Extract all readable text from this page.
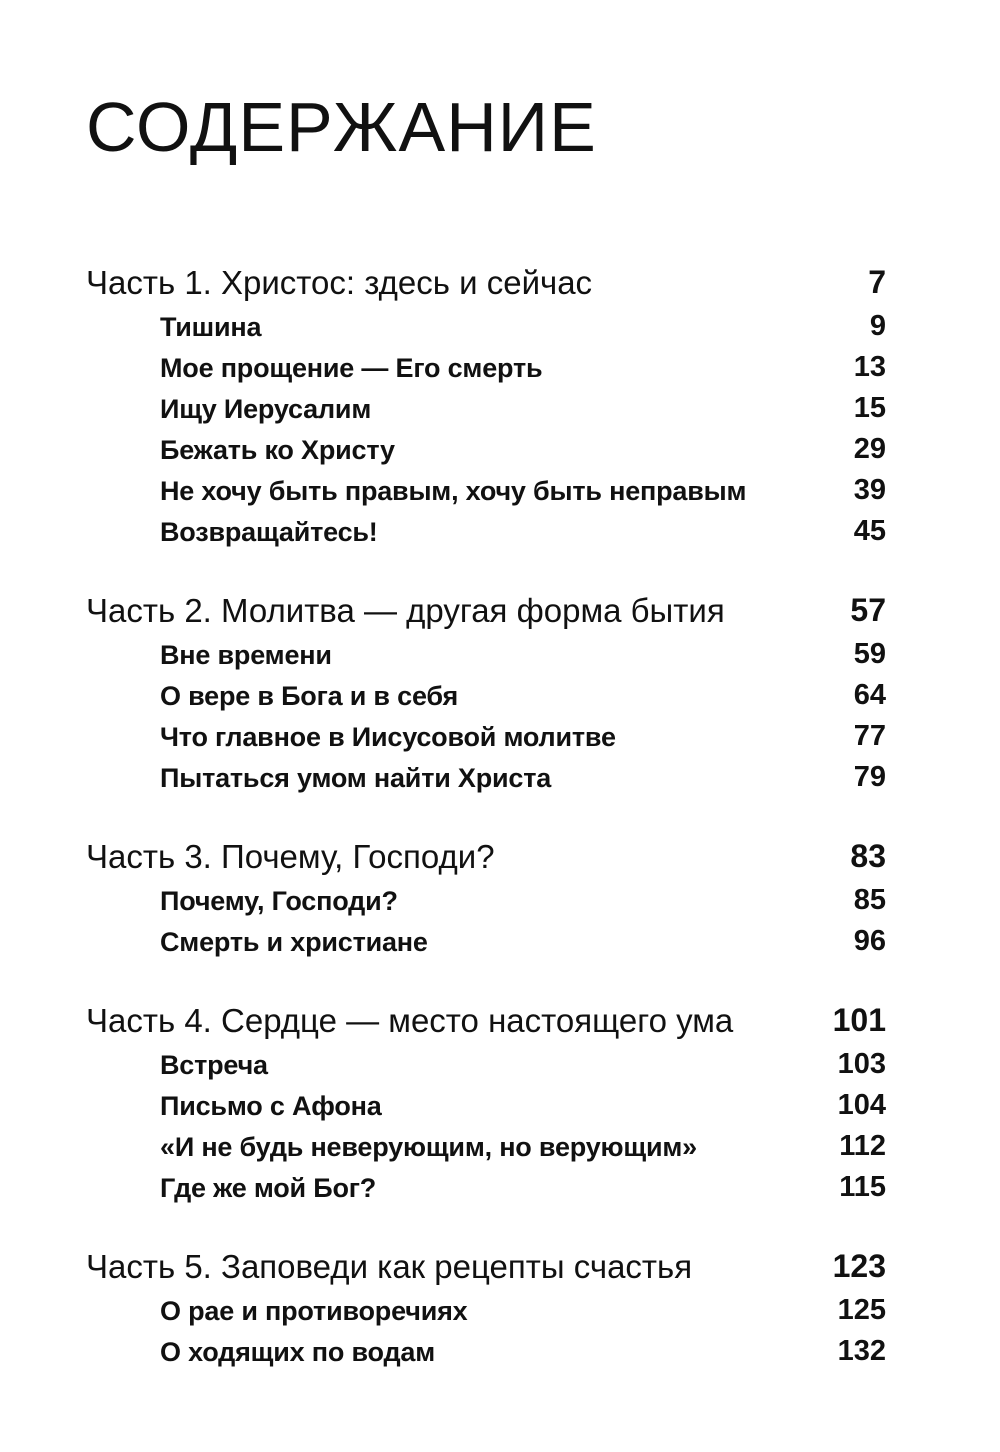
СОДЕРЖАНИЕ
Часть 1. Христос: здесь и сейчас	7
Тишина	9
Мое прощение — Его смерть	13
Ищу Иерусалим	15
Бежать ко Христу	29
Не хочу быть правым, хочу быть неправым	39
Возвращайтесь!	45
Часть 2. Молитва — другая форма бытия	57
Вне времени	59
О вере в Бога и в себя	64
Что главное в Иисусовой молитве	77
Пытаться умом найти Христа	79
Часть 3. Почему, Господи?	83
Почему, Господи?	85
Смерть и христиане	96
Часть 4. Сердце — место настоящего ума	101
Встреча	103
Письмо с Афона	104
«И не будь неверующим, но верующим»	112
Где же мой Бог?	115
Часть 5. Заповеди как рецепты счастья	123
О рае и противоречиях	125
О ходящих по водам	132
